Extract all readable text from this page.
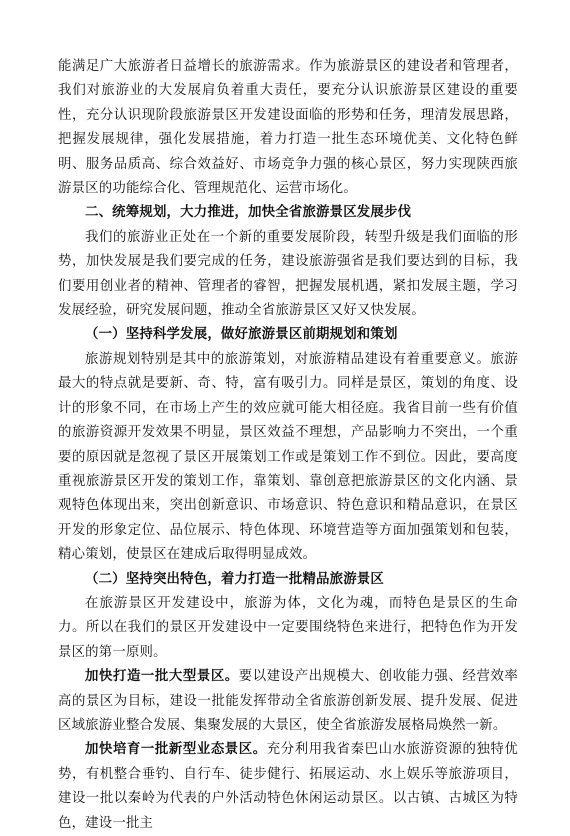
能满足广大旅游者日益增长的旅游需求。作为旅游景区的建设者和管理者，我们对旅游业的大发展肩负着重大责任，要充分认识旅游景区建设的重要性，充分认识现阶段旅游景区开发建设面临的形势和任务，理清发展思路，把握发展规律，强化发展措施，着力打造一批生态环境优美、文化特色鲜明、服务品质高、综合效益好、市场竞争力强的核心景区，努力实现陕西旅游景区的功能综合化、管理规范化、运营市场化。

二、统筹规划，大力推进，加快全省旅游景区发展步伐

我们的旅游业正处在一个新的重要发展阶段，转型升级是我们面临的形势，加快发展是我们要完成的任务，建设旅游强省是我们要达到的目标，我们要用创业者的精神、管理者的睿智，把握发展机遇，紧扣发展主题，学习发展经验，研究发展问题，推动全省旅游景区又好又快发展。

（一）坚持科学发展，做好旅游景区前期规划和策划

旅游规划特别是其中的旅游策划，对旅游精品建设有着重要意义。旅游最大的特点就是要新、奇、特，富有吸引力。同样是景区，策划的角度、设计的形象不同，在市场上产生的效应就可能大相径庭。我省目前一些有价值的旅游资源开发效果不明显，景区效益不理想，产品影响力不突出，一个重要的原因就是忽视了景区开展策划工作或是策划工作不到位。因此，要高度重视旅游景区开发的策划工作，靠策划、靠创意把旅游景区的文化内涵、景观特色体现出来，突出创新意识、市场意识、特色意识和精品意识，在景区开发的形象定位、品位展示、特色体现、环境营造等方面加强策划和包装，精心策划，使景区在建成后取得明显成效。

（二）坚持突出特色，着力打造一批精品旅游景区

在旅游景区开发建设中，旅游为体，文化为魂，而特色是景区的生命力。所以在我们的景区开发建设中一定要围绕特色来进行，把特色作为开发景区的第一原则。

加快打造一批大型景区。要以建设产出规模大、创收能力强、经营效率高的景区为目标，建设一批能发挥带动全省旅游创新发展、提升发展、促进区域旅游业整合发展、集聚发展的大景区，使全省旅游发展格局焕然一新。

加快培育一批新型业态景区。充分利用我省秦巴山水旅游资源的独特优势，有机整合垂钓、自行车、徒步健行、拓展运动、水上娱乐等旅游项目，建设一批以秦岭为代表的户外活动特色休闲运动景区。以古镇、古城区为特色，建设一批主
